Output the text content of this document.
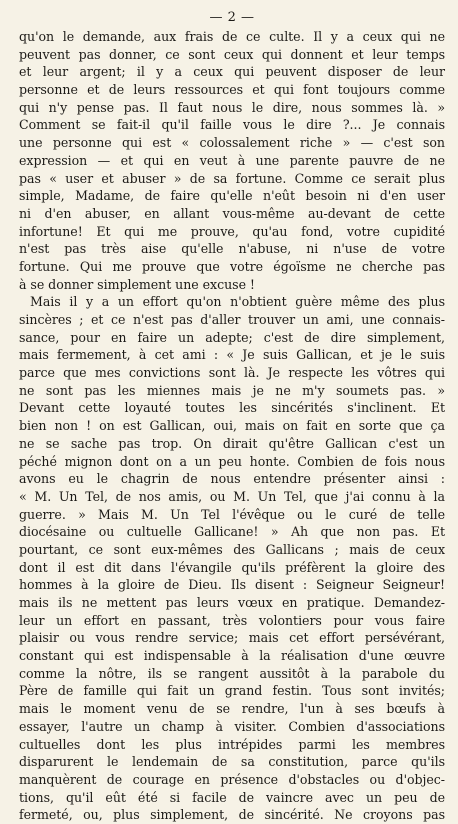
— 2 —
qu'on le demande, aux frais de ce culte. Il y a ceux qui ne
peuvent pas donner, ce sont ceux qui donnent et leur temps
et leur argent; il y a ceux qui peuvent disposer de leur
personne et de leurs ressources et qui font toujours comme
qui n'y pense pas. Il faut nous le dire, nous sommes là. »
Comment se fait-il qu'il faille vous le dire ?... Je connais
une personne qui est « colossalement riche » — c'est son
expression — et qui en veut à une parente pauvre de ne
pas « user et abuser » de sa fortune. Comme ce serait plus
simple, Madame, de faire qu'elle n'eût besoin ni d'en user
ni d'en abuser, en allant vous-même au-devant de cette
infortune! Et qui me prouve, qu'au fond, votre cupidité
n'est pas très aise qu'elle n'abuse, ni n'use de votre
fortune. Qui me prouve que votre égoïsme ne cherche pas
à se donner simplement une excuse !
Mais il y a un effort qu'on n'obtient guère même des plus
sincères ; et ce n'est pas d'aller trouver un ami, une connais-
sance, pour en faire un adepte; c'est de dire simplement,
mais fermement, à cet ami : « Je suis Gallican, et je le suis
parce que mes convictions sont là. Je respecte les vôtres qui
ne sont pas les miennes mais je ne m'y soumets pas. »
Devant cette loyauté toutes les sincérités s'inclinent. Et
bien non ! on est Gallican, oui, mais on fait en sorte que ça
ne se sache pas trop. On dirait qu'être Gallican c'est un
péché mignon dont on a un peu honte. Combien de fois nous
avons eu le chagrin de nous entendre présenter ainsi :
« M. Un Tel, de nos amis, ou M. Un Tel, que j'ai connu à la
guerre. » Mais M. Un Tel l'évêque ou le curé de telle
diocésaine ou cultuelle Gallicane! » Ah que non pas. Et
pourtant, ce sont eux-mêmes des Gallicans ; mais de ceux
dont il est dit dans l'évangile qu'ils préfèrent la gloire des
hommes à la gloire de Dieu. Ils disent : Seigneur Seigneur!
mais ils ne mettent pas leurs vœux en pratique. Demandez-
leur un effort en passant, très volontiers pour vous faire
plaisir ou vous rendre service; mais cet effort persévérant,
constant qui est indispensable à la réalisation d'une œuvre
comme la nôtre, ils se rangent aussitôt à la parabole du
Père de famille qui fait un grand festin. Tous sont invités;
mais le moment venu de se rendre, l'un à ses bœufs à
essayer, l'autre un champ à visiter. Combien d'associations
cultuelles dont les plus intrépides parmi les membres
disparurent le lendemain de sa constitution, parce qu'ils
manquèrent de courage en présence d'obstacles ou d'objec-
tions, qu'il eût été si facile de vaincre avec un peu de
fermeté, ou, plus simplement, de sincérité. Ne croyons pas
